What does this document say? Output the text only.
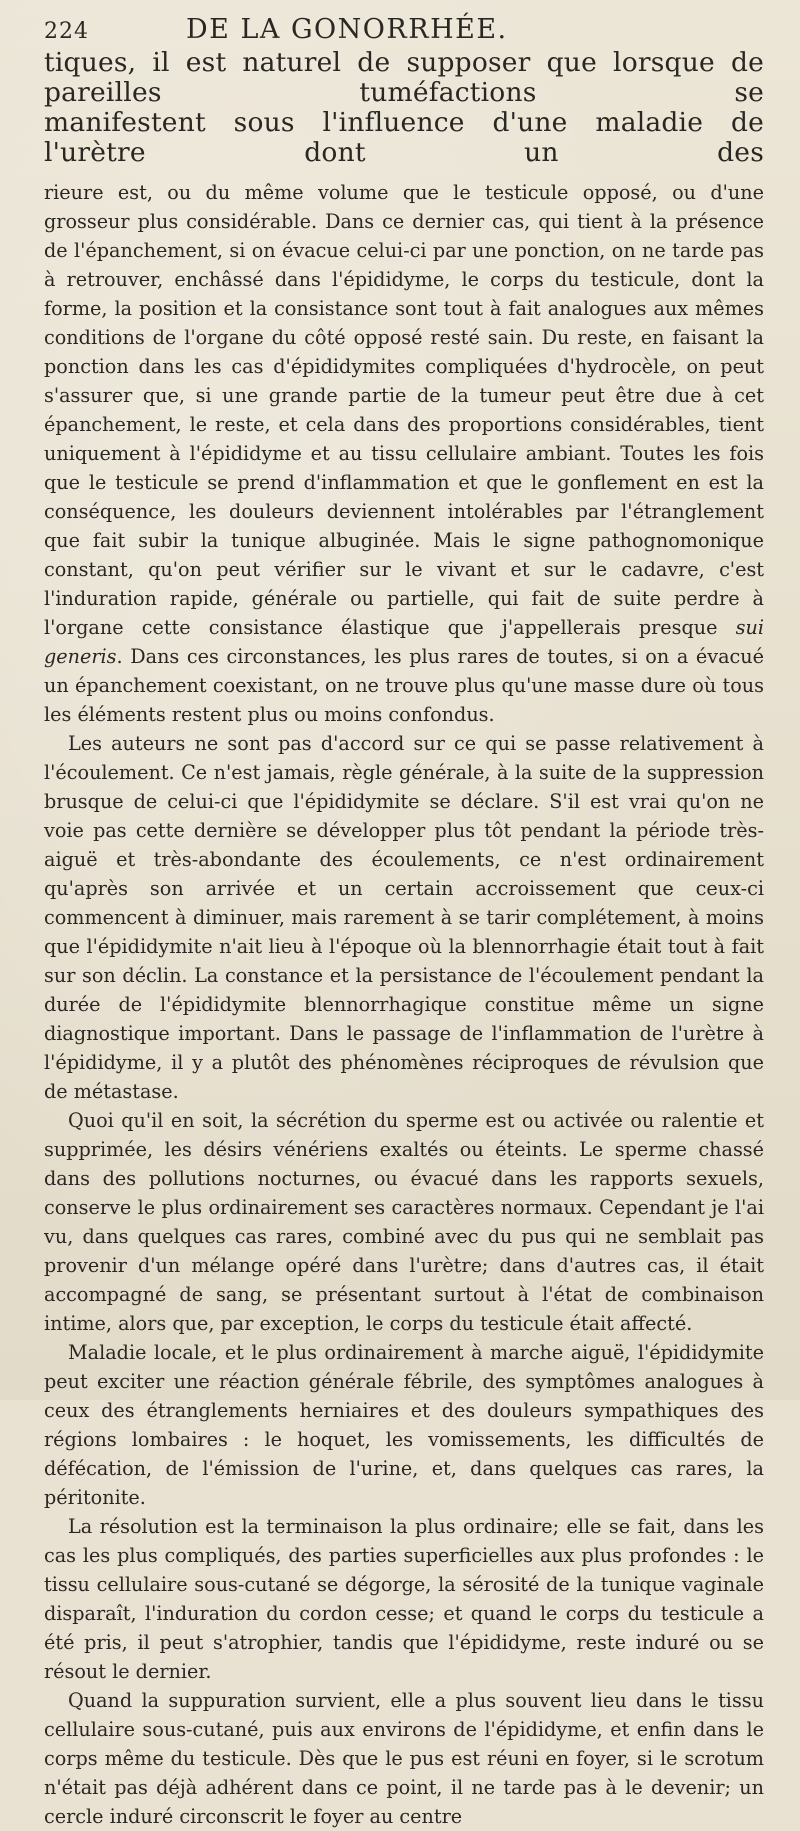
224	DE LA GONORRHÉE.
tiques, il est naturel de supposer que lorsque de pareilles tuméfactions se
manifestent sous l'influence d'une maladie de l'urètre dont un des

rieure est, ou du même volume que le testicule opposé, ou d'une grosseur plus considérable. Dans ce dernier cas, qui tient à la présence de l'épanchement, si on évacue celui-ci par une ponction, on ne tarde pas à retrouver, enchâssé dans l'épididyme, le corps du testicule, dont la forme, la position et la consistance sont tout à fait analogues aux mêmes conditions de l'organe du côté opposé resté sain. Du reste, en faisant la ponction dans les cas d'épididymites compliquées d'hydrocèle, on peut s'assurer que, si une grande partie de la tumeur peut être due à cet épanchement, le reste, et cela dans des proportions considérables, tient uniquement à l'épididyme et au tissu cellulaire ambiant. Toutes les fois que le testicule se prend d'inflammation et que le gonflement en est la conséquence, les douleurs deviennent intolérables par l'étranglement que fait subir la tunique albuginée. Mais le signe pathognomonique constant, qu'on peut vérifier sur le vivant et sur le cadavre, c'est l'induration rapide, générale ou partielle, qui fait de suite perdre à l'organe cette consistance élastique que j'appellerais presque sui generis. Dans ces circonstances, les plus rares de toutes, si on a évacué un épanchement coexistant, on ne trouve plus qu'une masse dure où tous les éléments restent plus ou moins confondus.

Les auteurs ne sont pas d'accord sur ce qui se passe relativement à l'écoulement. Ce n'est jamais, règle générale, à la suite de la suppression brusque de celui-ci que l'épididymite se déclare. S'il est vrai qu'on ne voie pas cette dernière se développer plus tôt pendant la période très-aiguë et très-abondante des écoulements, ce n'est ordinairement qu'après son arrivée et un certain accroissement que ceux-ci commencent à diminuer, mais rarement à se tarir complétement, à moins que l'épididymite n'ait lieu à l'époque où la blennorrhagie était tout à fait sur son déclin. La constance et la persistance de l'écoulement pendant la durée de l'épididymite blennorrhagique constitue même un signe diagnostique important. Dans le passage de l'inflammation de l'urètre à l'épididyme, il y a plutôt des phénomènes réciproques de révulsion que de métastase.

Quoi qu'il en soit, la sécrétion du sperme est ou activée ou ralentie et supprimée, les désirs vénériens exaltés ou éteints. Le sperme chassé dans des pollutions nocturnes, ou évacué dans les rapports sexuels, conserve le plus ordinairement ses caractères normaux. Cependant je l'ai vu, dans quelques cas rares, combiné avec du pus qui ne semblait pas provenir d'un mélange opéré dans l'urètre; dans d'autres cas, il était accompagné de sang, se présentant surtout à l'état de combinaison intime, alors que, par exception, le corps du testicule était affecté.

Maladie locale, et le plus ordinairement à marche aiguë, l'épididymite peut exciter une réaction générale fébrile, des symptômes analogues à ceux des étranglements herniaires et des douleurs sympathiques des régions lombaires : le hoquet, les vomissements, les difficultés de défécation, de l'émission de l'urine, et, dans quelques cas rares, la péritonite.

La résolution est la terminaison la plus ordinaire; elle se fait, dans les cas les plus compliqués, des parties superficielles aux plus profondes : le tissu cellulaire sous-cutané se dégorge, la sérosité de la tunique vaginale disparaît, l'induration du cordon cesse; et quand le corps du testicule a été pris, il peut s'atrophier, tandis que l'épididyme, reste induré ou se résout le dernier.

Quand la suppuration survient, elle a plus souvent lieu dans le tissu cellulaire sous-cutané, puis aux environs de l'épididyme, et enfin dans le corps même du testicule. Dès que le pus est réuni en foyer, si le scrotum n'était pas déjà adhérent dans ce point, il ne tarde pas à le devenir; un cercle induré circonscrit le foyer au centre
